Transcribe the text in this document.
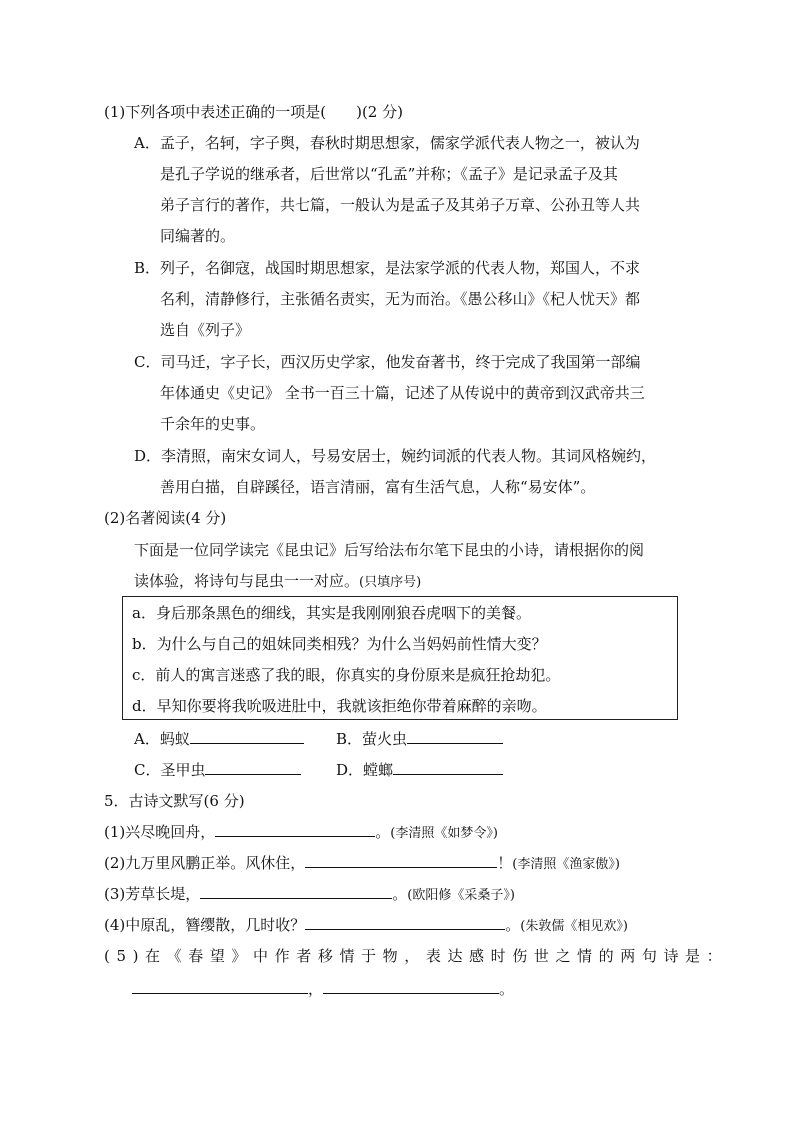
(1)下列各项中表述正确的一项是(　　)(2 分)
A．孟子，名轲，字子舆，春秋时期思想家，儒家学派代表人物之一，被认为
是孔子学说的继承者，后世常以“孔孟”并称；《孟子》是记录孟子及其
弟子言行的著作，共七篇，一般认为是孟子及其弟子万章、公孙丑等人共
同编著的。
B．列子，名御寇，战国时期思想家，是法家学派的代表人物，郑国人，不求
名利，清静修行，主张循名责实，无为而治。《愚公移山》《杞人忧天》都
选自《列子》
C．司马迁，字子长，西汉历史学家，他发奋著书，终于完成了我国第一部编
年体通史《史记》 全书一百三十篇，记述了从传说中的黄帝到汉武帝共三
千余年的史事。
D．李清照，南宋女词人，号易安居士，婉约词派的代表人物。其词风格婉约，
善用白描，自辟蹊径，语言清丽，富有生活气息，人称“易安体”。
(2)名著阅读(4 分)
下面是一位同学读完《昆虫记》后写给法布尔笔下昆虫的小诗，请根据你的阅
读体验，将诗句与昆虫一一对应。(只填序号)
a．身后那条黑色的细线，其实是我刚刚狼吞虎咽下的美餐。
b．为什么与自己的姐妹同类相残？为什么当妈妈前性情大变？
c．前人的寓言迷惑了我的眼，你真实的身份原来是疯狂抢劫犯。
d．早知你要将我吮吸进肚中，我就该拒绝你带着麻醉的亲吻。
A．蚂蚁	B．萤火虫
C．圣甲虫	D．螳螂
5．古诗文默写(6 分)
(1)兴尽晚回舟，	。(李清照《如梦令》)
(2)九万里风鹏正举。风休住，	！(李清照《渔家傲》)
(3)芳草长堤，	。(欧阳修《采桑子》)
(4)中原乱，簪缨散，几时收？	。(朱敦儒《相见欢》)
(5)在《春望》中作者移情于物，表达感时伤世之情的两句诗是：
，	。
